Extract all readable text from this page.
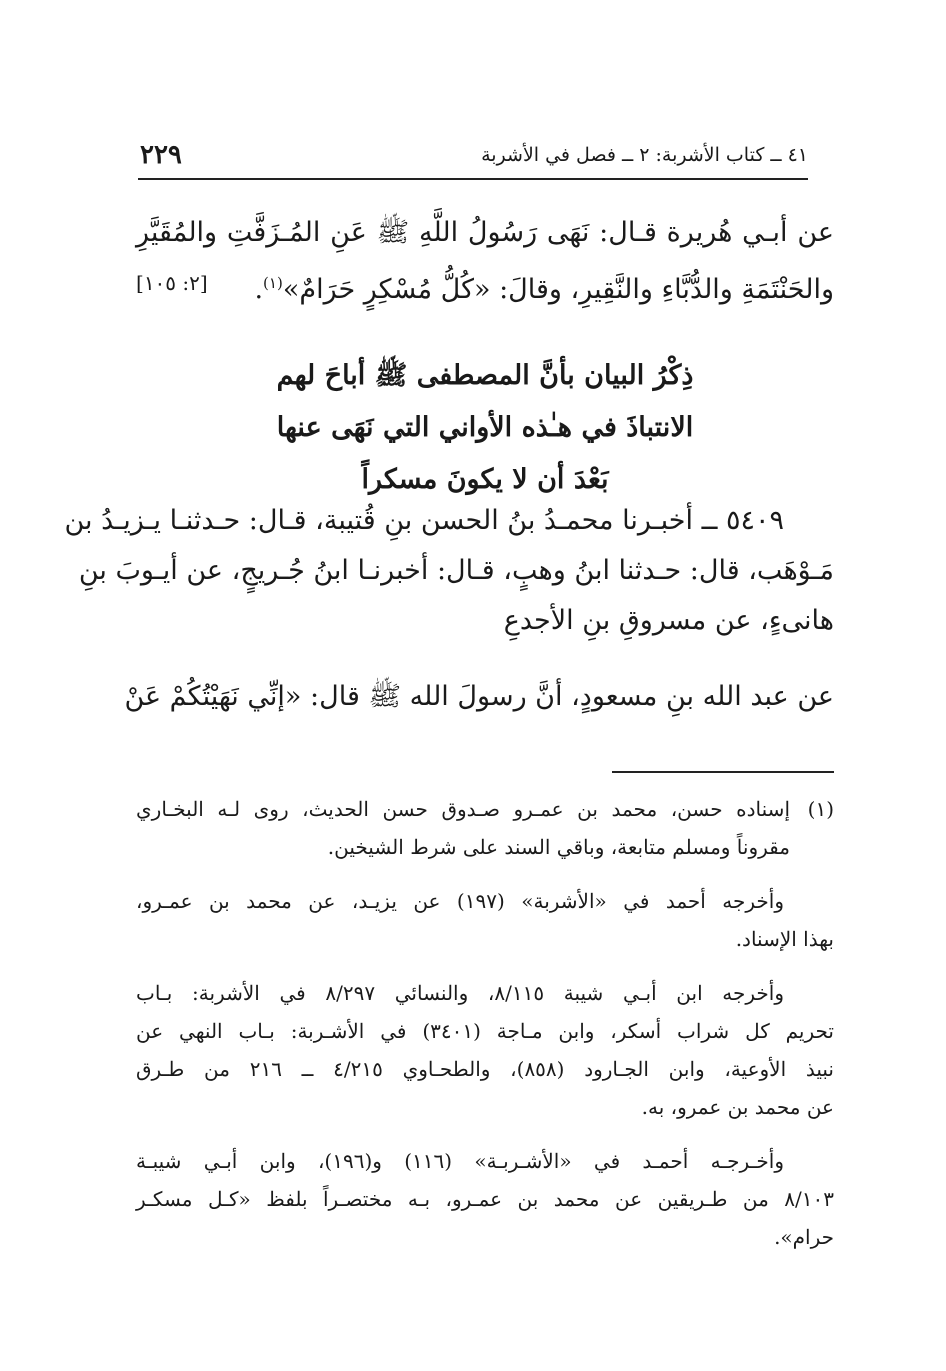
٤١ ــ كتاب الأشربة: ٢ ــ فصل في الأشربة
٢٢٩
عن أبـي هُريرة قـال: نَهَى رَسُولُ اللَّهِ ﷺ عَنِ المُـزَفَّتِ والمُقَيَّرِ
والحَنْتَمَةِ والدُّبَّاءِ والنَّقِيرِ، وقالَ: «كُلُّ مُسْكِرٍ حَرَامٌ»$^{(١)}$.
[٢: ١٠٥]
ذِكْرُ البيان بأنَّ المصطفى ﷺ أباحَ لهم
الانتباذَ في هـٰذه الأواني التي نَهَى عنها
بَعْدَ أن لا يكونَ مسكراً
٥٤٠٩ ــ أخبـرنا محمـدُ بنُ الحسن بنِ قُتيبة، قـال: حـدثنـا يـزيـدُ بن
مَـوْهَب، قال: حـدثنا ابنُ وهبٍ، قـال: أخبرنـا ابنُ جُـريجٍ، عن أيـوبَ بنِ
هانىءٍ، عن مسروقِ بنِ الأجدعِ
عن عبد الله بنِ مسعودٍ، أنَّ رسولَ الله ﷺ قال: «إنِّي نَهَيْتُكُمْ عَنْ
(١)إسناده حسن، محمد بن عمـرو صـدوق حسن الحديث، روى لـه البخـاري
مقروناً ومسلم متابعة، وباقي السند على شرط الشيخين.
وأخرجه أحمد في «الأشربة» (١٩٧) عن يزيـد، عن محمد بن عمـرو،
بهذا الإسناد.
وأخرجه ابن أبـي شيبة ٨/١١٥، والنسائي ٨/٢٩٧ في الأشربة: بـاب
تحريم كل شراب أسكر، وابن مـاجة (٣٤٠١) في الأشـربة: بـاب النهي عن
نبيذ الأوعية، وابن الجـارود (٨٥٨)، والطحـاوي ٤/٢١٥ ــ ٢١٦ من طـرق
عن محمد بن عمرو، به.
وأخـرجـه أحمـد في «الأشـربـة» (١١٦) و(١٩٦)، وابن أبـي شيبـة
٨/١٠٣ من طـريقين عن محمد بن عمـرو، بـه مختصـراً بلفظ «كـل مسكـر
حرام».
